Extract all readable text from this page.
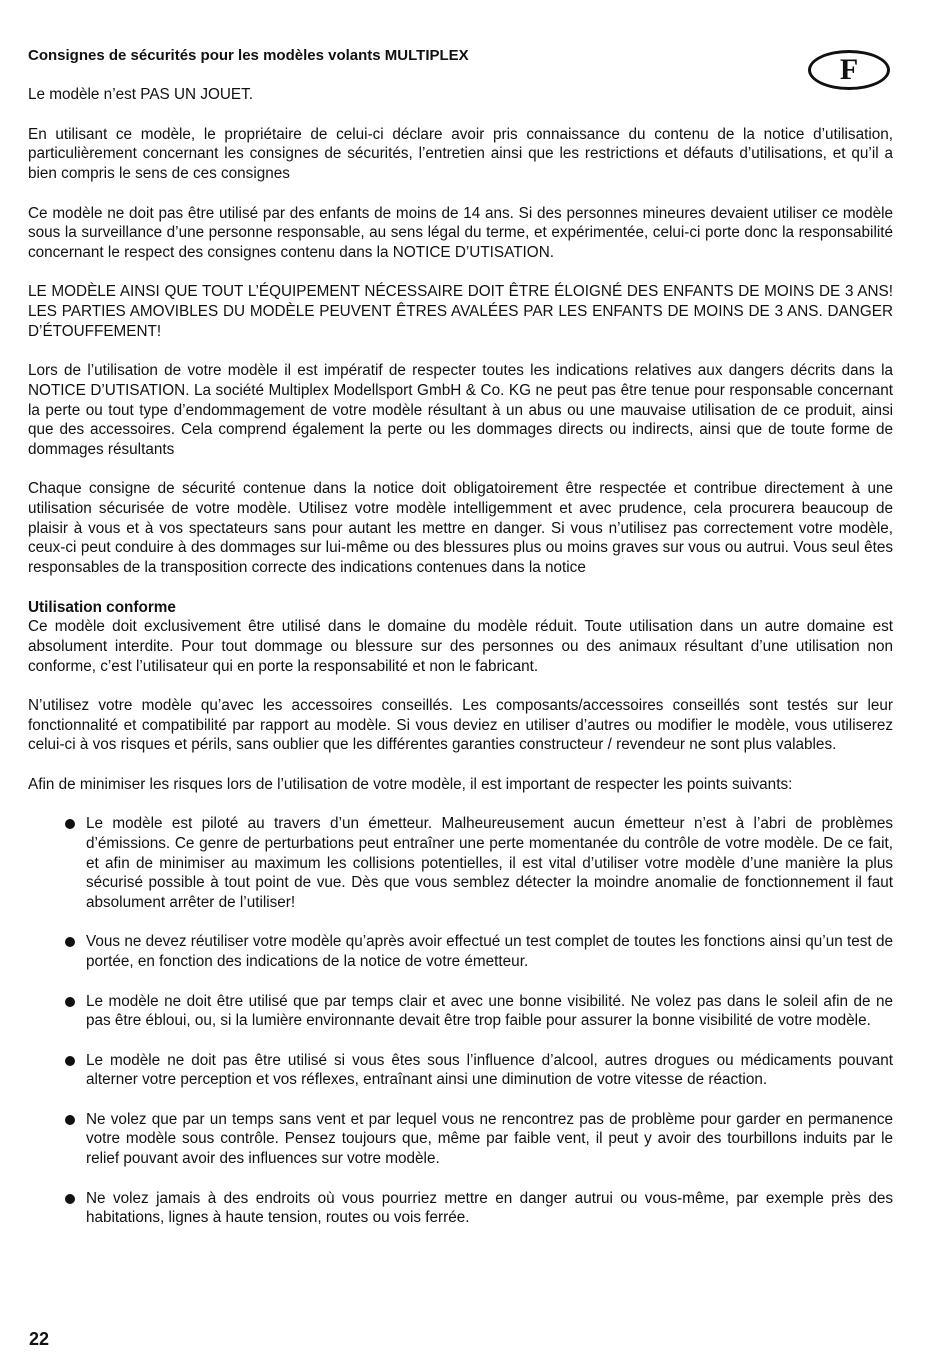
F

Consignes de sécurités pour les modèles volants MULTIPLEX

Le modèle n’est PAS UN JOUET.

En utilisant ce modèle, le propriétaire de celui-ci déclare avoir pris connaissance du contenu de la notice d’utilisation, particulièrement concernant les consignes de sécurités, l’entretien ainsi que les restrictions et défauts d’utilisations, et qu’il a bien compris le sens de ces consignes

Ce modèle ne doit pas être utilisé par des enfants de moins de 14 ans. Si des personnes mineures devaient utiliser ce modèle sous la surveillance d’une personne responsable, au sens légal du terme, et expérimentée, celui-ci porte donc la responsabilité concernant le respect des consignes contenu dans la NOTICE D’UTISATION.

LE MODÈLE AINSI QUE TOUT L’ÉQUIPEMENT NÉCESSAIRE DOIT ÊTRE ÉLOIGNÉ DES ENFANTS DE MOINS DE 3 ANS! LES PARTIES AMOVIBLES DU MODÈLE PEUVENT ÊTRES AVALÉES PAR LES ENFANTS DE MOINS DE 3 ANS. DANGER D’ÉTOUFFEMENT!

Lors de l’utilisation de votre modèle il est impératif de respecter toutes les indications relatives aux dangers décrits dans la NOTICE D’UTISATION. La société Multiplex Modellsport GmbH & Co. KG ne peut pas être tenue pour responsable concernant la perte ou tout type d’endommagement de votre modèle résultant à un abus ou une mauvaise utilisation de ce produit, ainsi que des accessoires. Cela comprend également la perte ou les dommages directs ou indirects, ainsi que de toute forme de dommages résultants

Chaque consigne de sécurité contenue dans la notice doit obligatoirement être respectée et contribue directement à une utilisation sécurisée de votre modèle. Utilisez votre modèle intelligemment et avec prudence, cela procurera beaucoup de plaisir à vous et à vos spectateurs sans pour autant les mettre en danger. Si vous n’utilisez pas correctement votre modèle, ceux-ci peut conduire à des dommages sur lui-même ou des blessures plus ou moins graves sur vous ou autrui. Vous seul êtes responsables de la transposition correcte des indications contenues dans la notice

Utilisation conforme

Ce modèle doit exclusivement être utilisé dans le domaine du modèle réduit. Toute utilisation dans un autre domaine est absolument interdite. Pour tout dommage ou blessure sur des personnes ou des animaux résultant d’une utilisation non conforme, c’est l’utilisateur qui en porte la responsabilité et non le fabricant.

N’utilisez votre modèle qu’avec les accessoires conseillés. Les composants/accessoires conseillés sont testés sur leur fonctionnalité et compatibilité par rapport au modèle. Si vous deviez en utiliser d’autres ou modifier le modèle, vous utiliserez celui-ci à vos risques et périls, sans oublier que les différentes garanties constructeur / revendeur ne sont plus valables.

Afin de minimiser les risques lors de l’utilisation de votre modèle, il est important de respecter les points suivants:

Le modèle est piloté au travers d’un émetteur. Malheureusement aucun émetteur n’est à l’abri de problèmes d’émissions. Ce genre de perturbations peut entraîner une perte momentanée du contrôle de votre modèle. De ce fait, et afin de minimiser au maximum les collisions potentielles, il est vital d’utiliser votre modèle d’une manière la plus sécurisé possible à tout point de vue. Dès que vous semblez détecter la moindre anomalie de fonctionnement il faut absolument arrêter de l’utiliser!
Vous ne devez réutiliser votre modèle qu’après avoir effectué un test complet de toutes les fonctions ainsi qu’un test de portée, en fonction des indications de la notice de votre émetteur.
Le modèle ne doit être utilisé que par temps clair et avec une bonne visibilité. Ne volez pas dans le soleil afin de ne pas être ébloui, ou, si la lumière environnante devait être trop faible pour assurer la bonne visibilité de votre modèle.
Le modèle ne doit pas être utilisé si vous êtes sous l’influence d’alcool, autres drogues ou médicaments pouvant alterner votre perception et vos réflexes, entraînant ainsi une diminution de votre vitesse de réaction.
Ne volez que par un temps sans vent et par lequel vous ne rencontrez pas de problème pour garder en permanence votre modèle sous contrôle. Pensez toujours que, même par faible vent, il peut y avoir des tourbillons induits par le relief pouvant avoir des influences sur votre modèle.
Ne volez jamais à des endroits où vous pourriez mettre en danger autrui ou vous-même, par exemple près des habitations, lignes à haute tension, routes ou vois ferrée.
22
